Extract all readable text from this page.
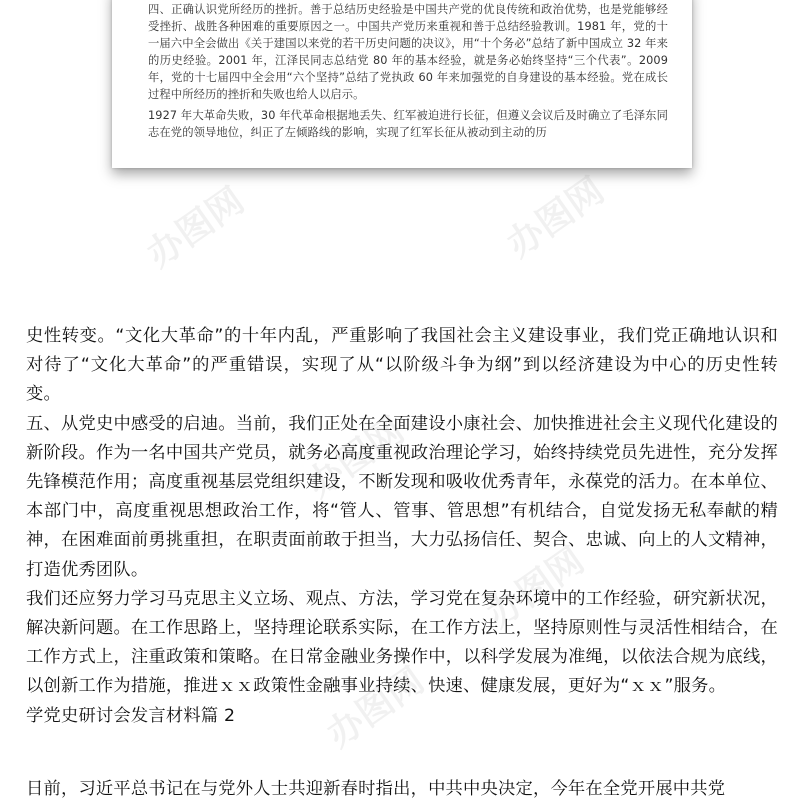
办图网	办图网
办图网
办图网
办图网

四、正确认识党所经历的挫折。善于总结历史经验是中国共产党的优良传统和政治优势，也是党能够经受挫折、战胜各种困难的重要原因之一。中国共产党历来重视和善于总结经验教训。1981 年，党的十一届六中全会做出《关于建国以来党的若干历史问题的决议》，用“十个务必”总结了新中国成立 32 年来的历史经验。2001 年，江泽民同志总结党 80 年的基本经验，就是务必始终坚持“三个代表”。2009 年，党的十七届四中全会用“六个坚持”总结了党执政 60 年来加强党的自身建设的基本经验。党在成长过程中所经历的挫折和失败也给人以启示。

1927 年大革命失败，30 年代革命根据地丢失、红军被迫进行长征，但遵义会议后及时确立了毛泽东同志在党的领导地位，纠正了左倾路线的影响，实现了红军长征从被动到主动的历

史性转变。“文化大革命”的十年内乱，严重影响了我国社会主义建设事业，我们党正确地认识和对待了“文化大革命”的严重错误，实现了从“以阶级斗争为纲”到以经济建设为中心的历史性转变。

五、从党史中感受的启迪。当前，我们正处在全面建设小康社会、加快推进社会主义现代化建设的新阶段。作为一名中国共产党员，就务必高度重视政治理论学习，始终持续党员先进性，充分发挥先锋模范作用；高度重视基层党组织建设，不断发现和吸收优秀青年，永葆党的活力。在本单位、本部门中，高度重视思想政治工作，将“管人、管事、管思想”有机结合，自觉发扬无私奉献的精神，在困难面前勇挑重担，在职责面前敢于担当，大力弘扬信任、契合、忠诚、向上的人文精神，打造优秀团队。

我们还应努力学习马克思主义立场、观点、方法，学习党在复杂环境中的工作经验，研究新状况，解决新问题。在工作思路上，坚持理论联系实际，在工作方法上，坚持原则性与灵活性相结合，在工作方式上，注重政策和策略。在日常金融业务操作中，以科学发展为准绳，以依法合规为底线，以创新工作为措施，推进ｘｘ政策性金融事业持续、快速、健康发展，更好为“ｘｘ”服务。

学党史研讨会发言材料篇 2

日前，习近平总书记在与党外人士共迎新春时指出，中共中央决定，今年在全党开展中共党
